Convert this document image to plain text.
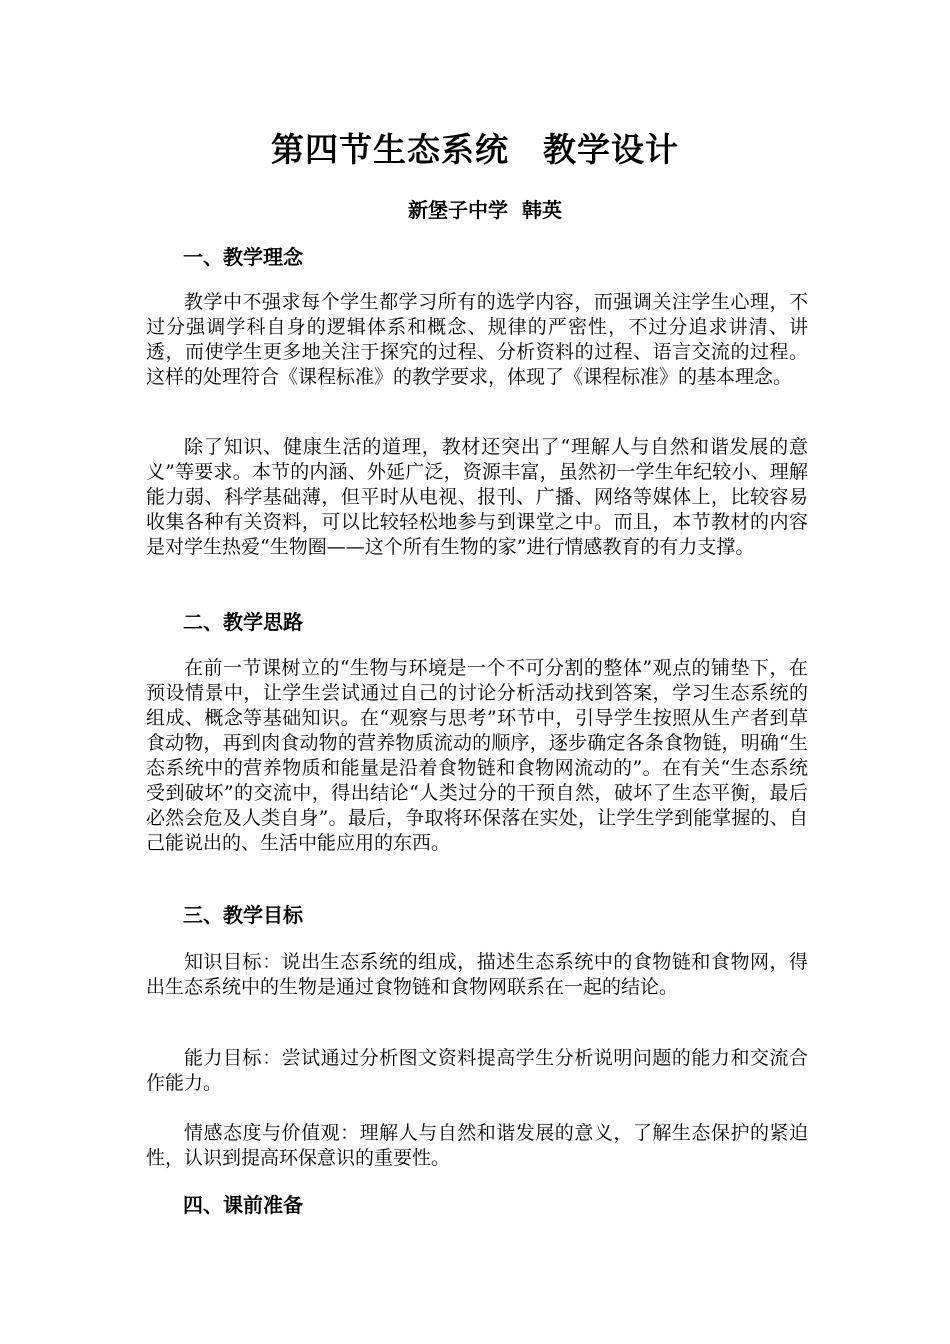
第四节生态系统　教学设计
新堡子中学  韩英
一、教学理念

教学中不强求每个学生都学习所有的选学内容，而强调关注学生心理，不过分强调学科自身的逻辑体系和概念、规律的严密性，不过分追求讲清、讲透，而使学生更多地关注于探究的过程、分析资料的过程、语言交流的过程。这样的处理符合《课程标准》的教学要求，体现了《课程标准》的基本理念。

除了知识、健康生活的道理，教材还突出了“理解人与自然和谐发展的意义”等要求。本节的内涵、外延广泛，资源丰富，虽然初一学生年纪较小、理解能力弱、科学基础薄，但平时从电视、报刊、广播、网络等媒体上，比较容易收集各种有关资料，可以比较轻松地参与到课堂之中。而且，本节教材的内容是对学生热爱“生物圈——这个所有生物的家”进行情感教育的有力支撑。

二、教学思路

在前一节课树立的“生物与环境是一个不可分割的整体”观点的铺垫下，在预设情景中，让学生尝试通过自己的讨论分析活动找到答案，学习生态系统的组成、概念等基础知识。在“观察与思考”环节中，引导学生按照从生产者到草食动物，再到肉食动物的营养物质流动的顺序，逐步确定各条食物链，明确“生态系统中的营养物质和能量是沿着食物链和食物网流动的”。在有关“生态系统受到破坏”的交流中，得出结论“人类过分的干预自然，破坏了生态平衡，最后必然会危及人类自身”。最后，争取将环保落在实处，让学生学到能掌握的、自己能说出的、生活中能应用的东西。

三、教学目标

知识目标：说出生态系统的组成，描述生态系统中的食物链和食物网，得出生态系统中的生物是通过食物链和食物网联系在一起的结论。

能力目标：尝试通过分析图文资料提高学生分析说明问题的能力和交流合作能力。

情感态度与价值观：理解人与自然和谐发展的意义，了解生态保护的紧迫性，认识到提高环保意识的重要性。

四、课前准备
